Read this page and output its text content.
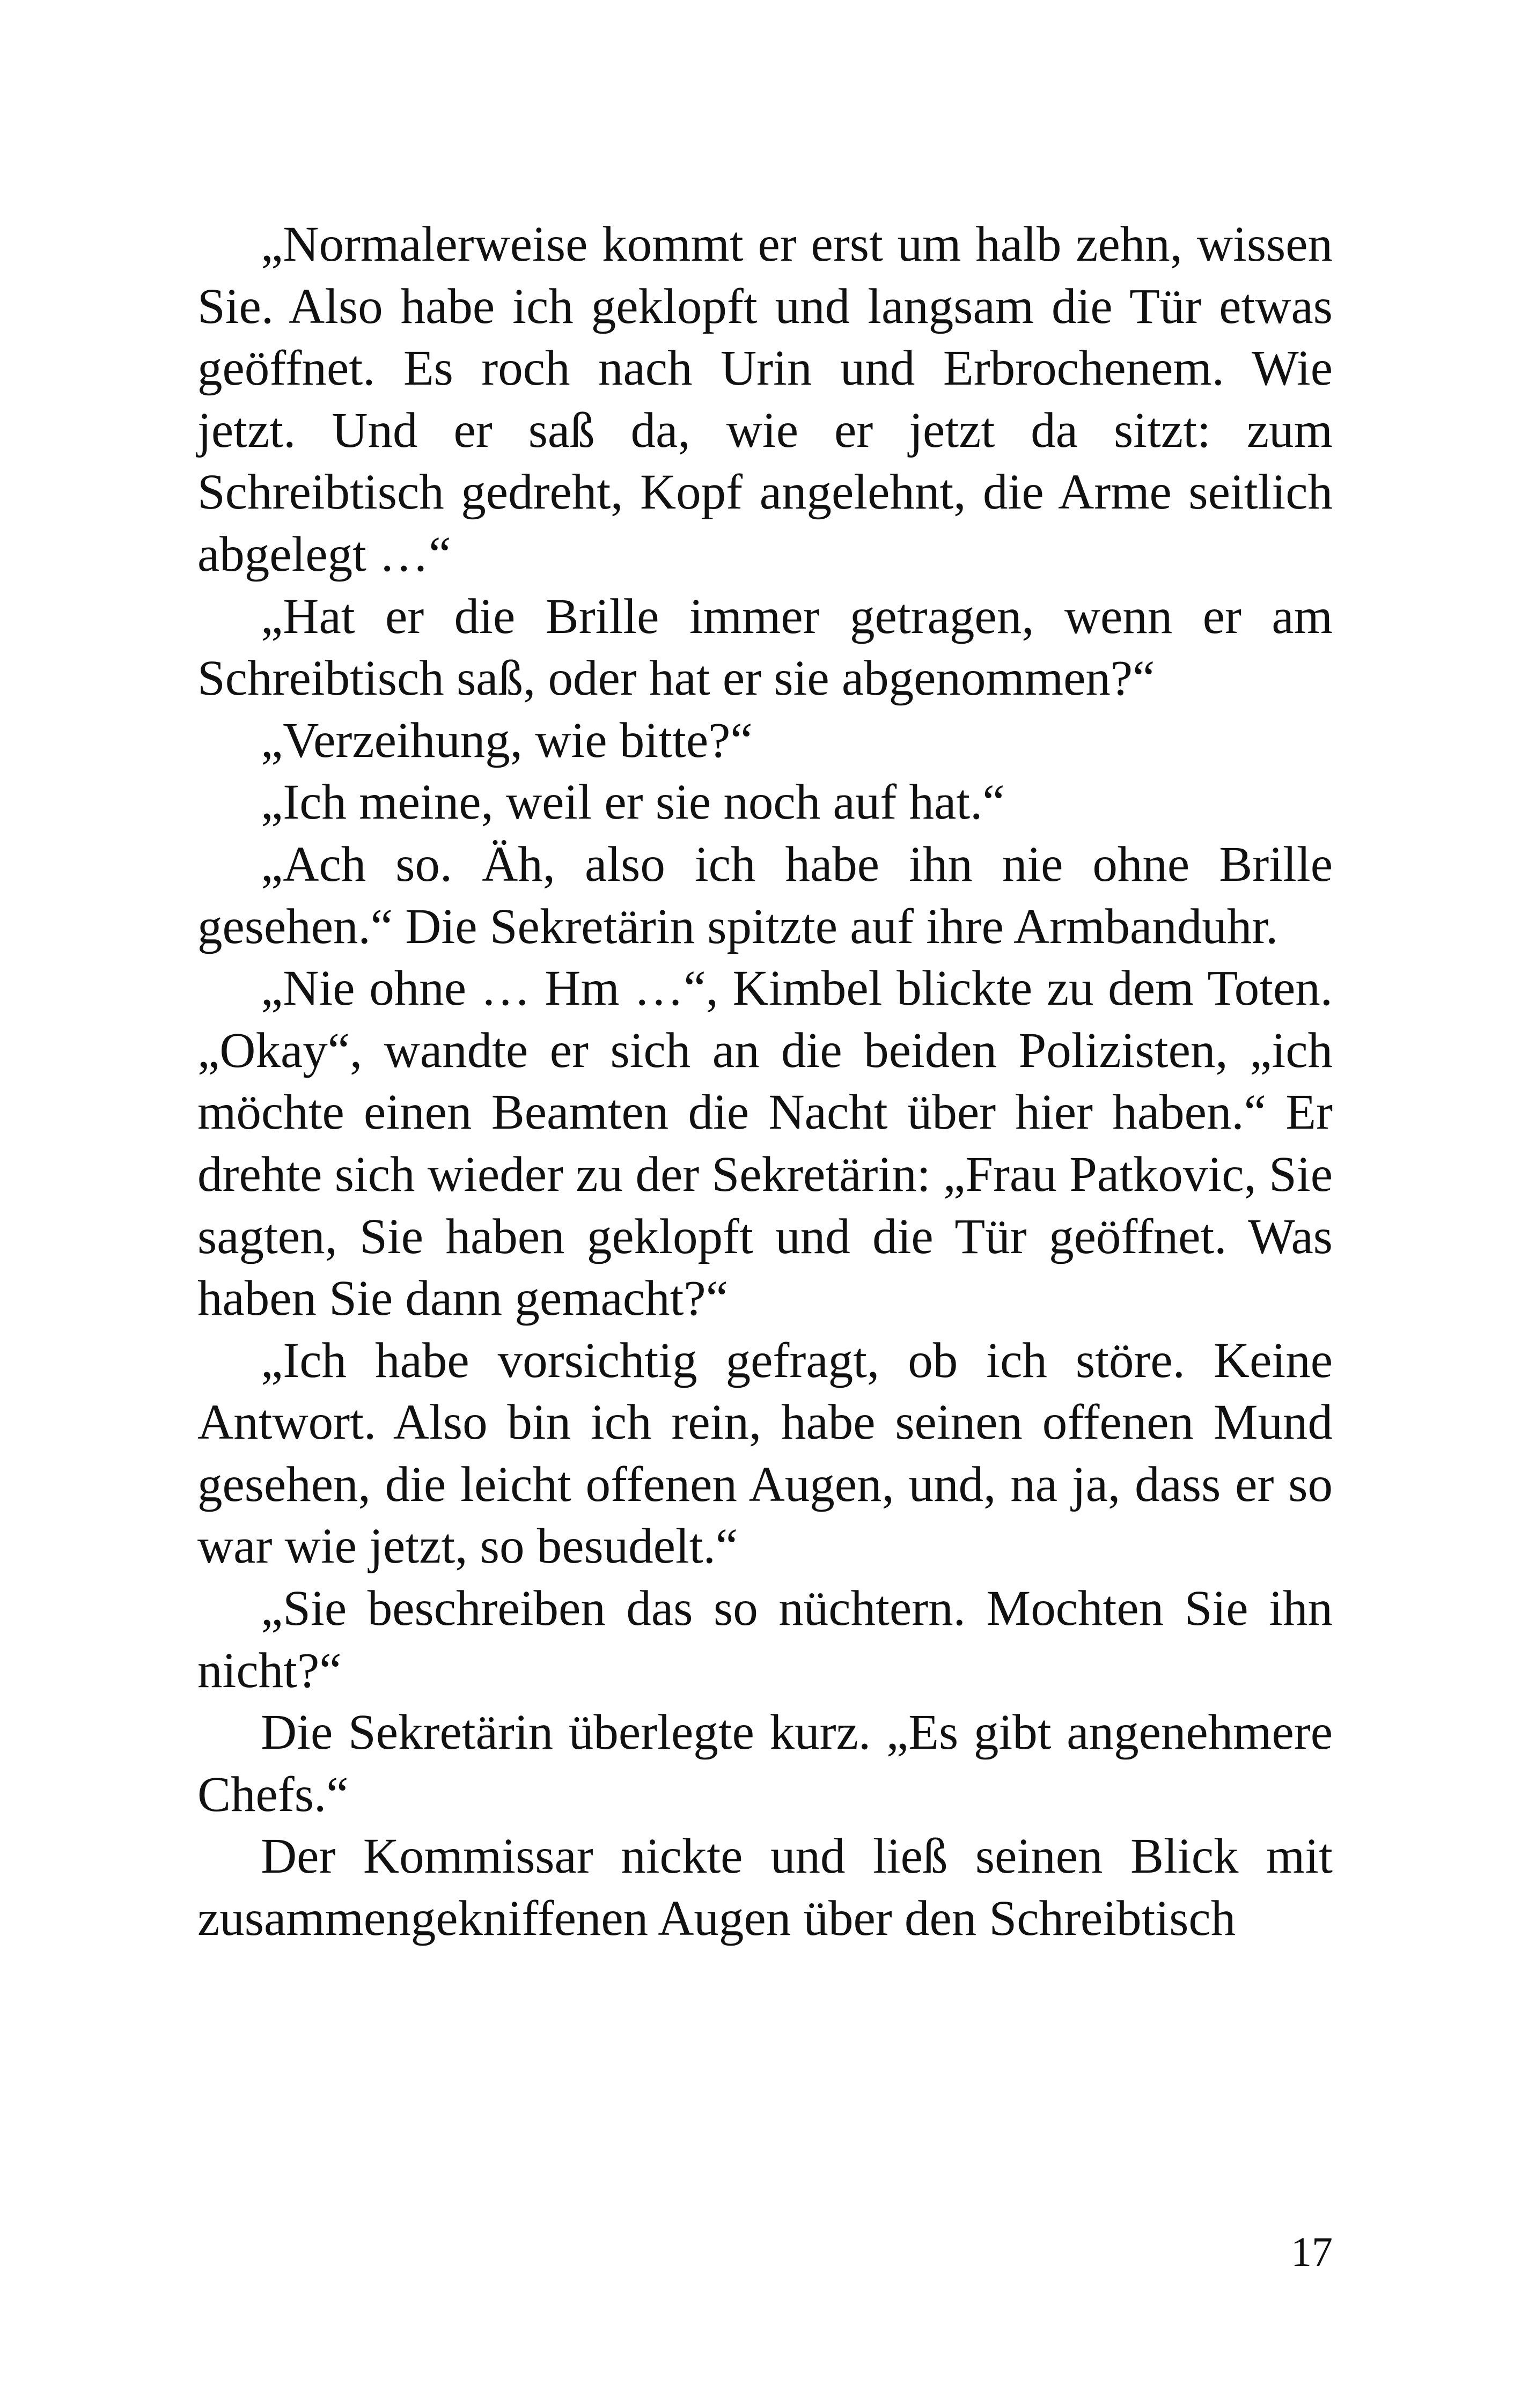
„Normalerweise kommt er erst um halb zehn, wissen Sie. Also habe ich geklopft und langsam die Tür etwas geöffnet. Es roch nach Urin und Erbrochenem. Wie jetzt. Und er saß da, wie er jetzt da sitzt: zum Schreibtisch gedreht, Kopf angelehnt, die Arme seitlich abgelegt …“

„Hat er die Brille immer getragen, wenn er am Schreibtisch saß, oder hat er sie abgenommen?“

„Verzeihung, wie bitte?“

„Ich meine, weil er sie noch auf hat.“

„Ach so. Äh, also ich habe ihn nie ohne Brille gesehen.“ Die Sekretärin spitzte auf ihre Armbanduhr.

„Nie ohne … Hm …“, Kimbel blickte zu dem Toten. „Okay“, wandte er sich an die beiden Polizisten, „ich möchte einen Beamten die Nacht über hier haben.“ Er drehte sich wieder zu der Sekretärin: „Frau Patkovic, Sie sagten, Sie haben geklopft und die Tür geöffnet. Was haben Sie dann gemacht?“

„Ich habe vorsichtig gefragt, ob ich störe. Keine Antwort. Also bin ich rein, habe seinen offenen Mund gesehen, die leicht offenen Augen, und, na ja, dass er so war wie jetzt, so besudelt.“

„Sie beschreiben das so nüchtern. Mochten Sie ihn nicht?“

Die Sekretärin überlegte kurz. „Es gibt angenehmere Chefs.“

Der Kommissar nickte und ließ seinen Blick mit zusammengekniffenen Augen über den Schreibtisch

17
